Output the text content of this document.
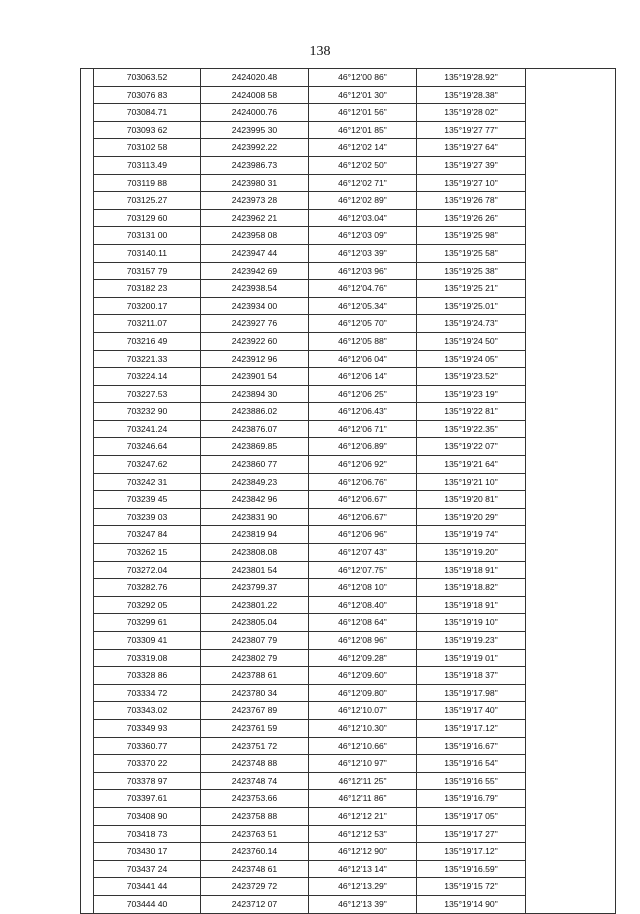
138
	703063.52	2424020.48	46°12'00 86"	135°19'28.92"	
	703076 83	2424008 58	46°12'01 30"	135°19'28.38"	
	703084.71	2424000.76	46°12'01 56"	135°19'28 02"	
	703093 62	2423995 30	46°12'01 85"	135°19'27 77"	
	703102 58	2423992.22	46°12'02 14"	135°19'27 64"	
	703113.49	2423986.73	46°12'02 50"	135°19'27 39"	
	703119 88	2423980 31	46°12'02 71"	135°19'27 10"	
	703125.27	2423973 28	46°12'02 89"	135°19'26 78"	
	703129 60	2423962 21	46°12'03.04"	135°19'26 26"	
	703131 00	2423958 08	46°12'03 09"	135°19'25 98"	
	703140.11	2423947 44	46°12'03 39"	135°19'25 58"	
	703157 79	2423942 69	46°12'03 96"	135°19'25 38"	
	703182 23	2423938.54	46°12'04.76"	135°19'25 21"	
	703200.17	2423934 00	46°12'05.34"	135°19'25.01"	
	703211.07	2423927 76	46°12'05 70"	135°19'24.73"	
	703216 49	2423922 60	46°12'05 88"	135°19'24 50"	
	703221.33	2423912 96	46°12'06 04"	135°19'24 05"	
	703224.14	2423901 54	46°12'06 14"	135°19'23.52"	
	703227.53	2423894 30	46°12'06 25"	135°19'23 19"	
	703232 90	2423886.02	46°12'06.43"	135°19'22 81"	
	703241.24	2423876.07	46°12'06 71"	135°19'22.35"	
	703246.64	2423869.85	46°12'06.89"	135°19'22 07"	
	703247.62	2423860 77	46°12'06 92"	135°19'21 64"	
	703242 31	2423849.23	46°12'06.76"	135°19'21 10"	
	703239 45	2423842 96	46°12'06.67"	135°19'20 81"	
	703239 03	2423831 90	46°12'06.67"	135°19'20 29"	
	703247 84	2423819 94	46°12'06 96"	135°19'19 74"	
	703262 15	2423808.08	46°12'07 43"	135°19'19.20"	
	703272.04	2423801 54	46°12'07.75"	135°19'18 91"	
	703282.76	2423799.37	46°12'08 10"	135°19'18.82"	
	703292 05	2423801.22	46°12'08.40"	135°19'18 91"	
	703299 61	2423805.04	46°12'08 64"	135°19'19 10"	
	703309 41	2423807 79	46°12'08 96"	135°19'19.23"	
	703319.08	2423802 79	46°12'09.28"	135°19'19 01"	
	703328 86	2423788 61	46°12'09.60"	135°19'18 37"	
	703334 72	2423780 34	46°12'09.80"	135°19'17.98"	
	703343.02	2423767 89	46°12'10.07"	135°19'17 40"	
	703349 93	2423761 59	46°12'10.30"	135°19'17.12"	
	703360.77	2423751 72	46°12'10.66"	135°19'16.67"	
	703370 22	2423748 88	46°12'10 97"	135°19'16 54"	
	703378 97	2423748 74	46°12'11 25"	135°19'16 55"	
	703397.61	2423753.66	46°12'11 86"	135°19'16.79"	
	703408 90	2423758 88	46°12'12 21"	135°19'17 05"	
	703418 73	2423763 51	46°12'12 53"	135°19'17 27"	
	703430 17	2423760.14	46°12'12 90"	135°19'17.12"	
	703437 24	2423748 61	46°12'13 14"	135°19'16.59"	
	703441 44	2423729 72	46°12'13.29"	135°19'15 72"	
	703444 40	2423712 07	46°12'13 39"	135°19'14 90"	
